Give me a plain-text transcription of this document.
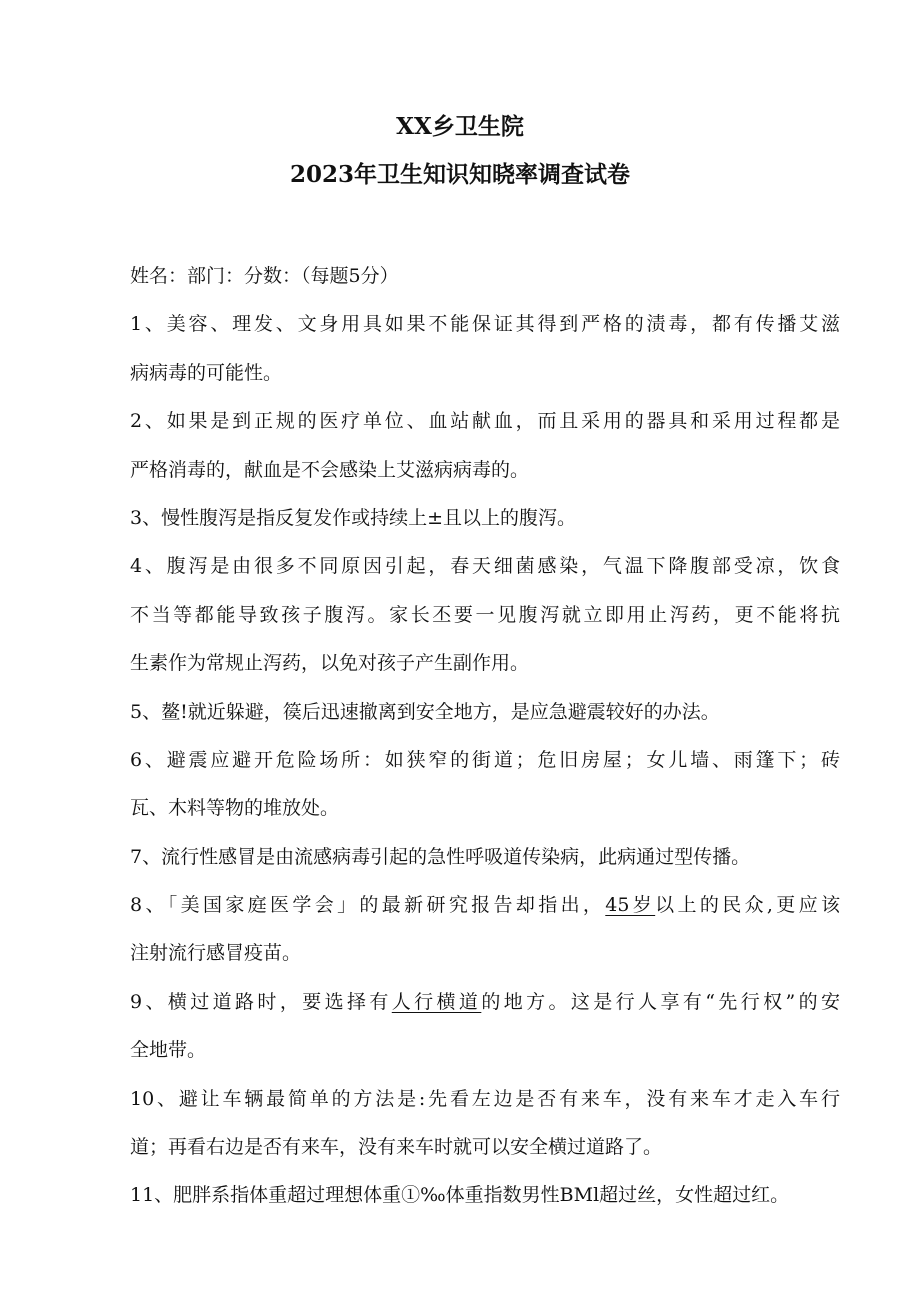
XX乡卫生院
2023年卫生知识知晓率调查试卷
姓名：部门：分数：（每题5分）
1、美容、理发、文身用具如果不能保证其得到严格的渍毒，都有传播艾滋
病病毒的可能性。
2、如果是到正规的医疗单位、血站献血，而且采用的器具和采用过程都是
严格消毒的，献血是不会感染上艾滋病病毒的。
3、慢性腹泻是指反复发作或持续上±且以上的腹泻。
4、腹泻是由很多不同原因引起，春天细菌感染，气温下降腹部受凉，饮食
不当等都能导致孩子腹泻。家长丕要一见腹泻就立即用止泻药，更不能将抗
生素作为常规止泻药，以免对孩子产生副作用。
5、鳌!就近躲避，篌后迅速撤离到安全地方，是应急避震较好的办法。
6、避震应避开危险场所：如狭窄的街道；危旧房屋；女儿墙、雨篷下；砖
瓦、木料等物的堆放处。
7、流行性感冒是由流感病毒引起的急性呼吸道传染病，此病通过型传播。
8、「美国家庭医学会」的最新研究报告却指出，45岁以上的民众,更应该
注射流行感冒疫苗。
9、横过道路时，要选择有人行横道的地方。这是行人享有“先行权”的安
全地带。
10、避让车辆最简单的方法是:先看左边是否有来车，没有来车才走入车行
道；再看右边是否有来车，没有来车时就可以安全横过道路了。
11、肥胖系指体重超过理想体重①‰体重指数男性BMl超过丝，女性超过红。
